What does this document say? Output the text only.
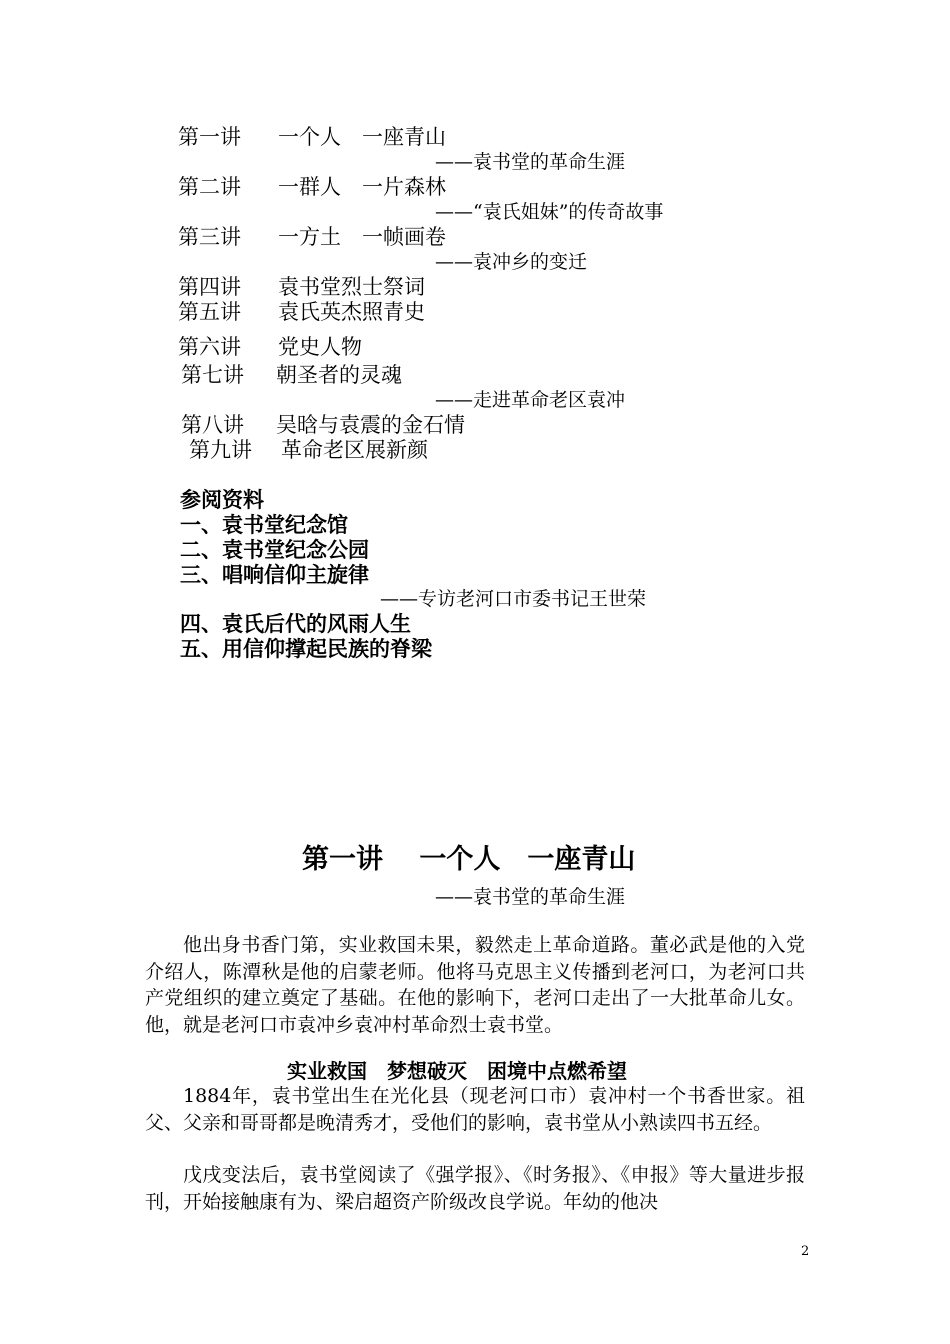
第一讲 一个人　一座青山
——袁书堂的革命生涯
第二讲 一群人　一片森林
——“袁氏姐妹”的传奇故事
第三讲 一方土　一帧画卷
——袁冲乡的变迁
第四讲 袁书堂烈士祭词
第五讲 袁氏英杰照青史
第六讲 党史人物
第七讲 朝圣者的灵魂
——走进革命老区袁冲
第八讲 吴晗与袁震的金石情
第九讲 革命老区展新颜
参阅资料
一、袁书堂纪念馆
二、袁书堂纪念公园
三、唱响信仰主旋律
——专访老河口市委书记王世荣
四、袁氏后代的风雨人生
五、用信仰撑起民族的脊梁
第一讲　 一个人　一座青山
——袁书堂的革命生涯

他出身书香门第，实业救国未果，毅然走上革命道路。董必武是他的入党介绍人，陈潭秋是他的启蒙老师。他将马克思主义传播到老河口，为老河口共产党组织的建立奠定了基础。在他的影响下，老河口走出了一大批革命儿女。他，就是老河口市袁冲乡袁冲村革命烈士袁书堂。

实业救国　梦想破灭　困境中点燃希望

1884年，袁书堂出生在光化县（现老河口市）袁冲村一个书香世家。祖父、父亲和哥哥都是晚清秀才，受他们的影响，袁书堂从小熟读四书五经。

戊戌变法后，袁书堂阅读了《强学报》、《时务报》、《申报》等大量进步报刊，开始接触康有为、梁启超资产阶级改良学说。年幼的他决

2
